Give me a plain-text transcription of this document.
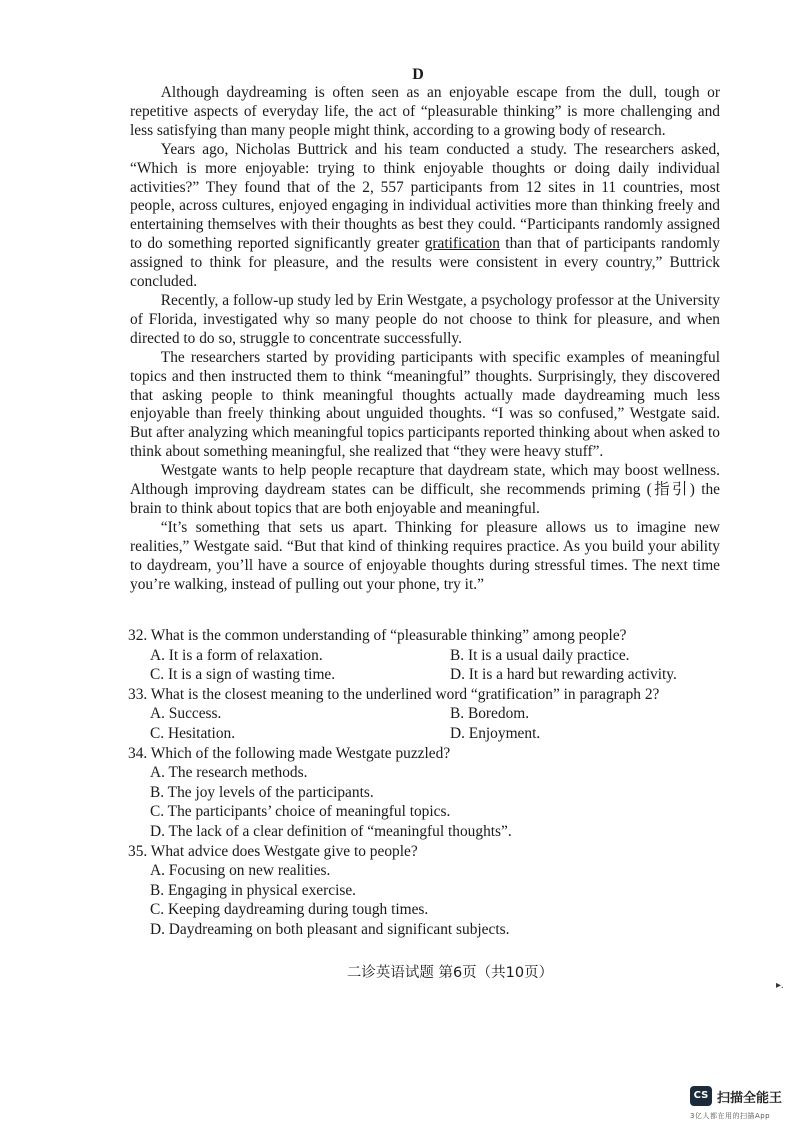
D

Although daydreaming is often seen as an enjoyable escape from the dull, tough or repetitive aspects of everyday life, the act of “pleasurable thinking” is more challenging and less satisfying than many people might think, according to a growing body of research.

Years ago, Nicholas Buttrick and his team conducted a study. The researchers asked, “Which is more enjoyable: trying to think enjoyable thoughts or doing daily individual activities?” They found that of the 2, 557 participants from 12 sites in 11 countries, most people, across cultures, enjoyed engaging in individual activities more than thinking freely and entertaining themselves with their thoughts as best they could. “Participants randomly assigned to do something reported significantly greater gratification than that of participants randomly assigned to think for pleasure, and the results were consistent in every country,” Buttrick concluded.

Recently, a follow-up study led by Erin Westgate, a psychology professor at the University of Florida, investigated why so many people do not choose to think for pleasure, and when directed to do so, struggle to concentrate successfully.

The researchers started by providing participants with specific examples of meaningful topics and then instructed them to think “meaningful” thoughts. Surprisingly, they discovered that asking people to think meaningful thoughts actually made daydreaming much less enjoyable than freely thinking about unguided thoughts. “I was so confused,” Westgate said. But after analyzing which meaningful topics participants reported thinking about when asked to think about something meaningful, she realized that “they were heavy stuff”.

Westgate wants to help people recapture that daydream state, which may boost wellness. Although improving daydream states can be difficult, she recommends priming (指引) the brain to think about topics that are both enjoyable and meaningful.

“It’s something that sets us apart. Thinking for pleasure allows us to imagine new realities,” Westgate said. “But that kind of thinking requires practice. As you build your ability to daydream, you’ll have a source of enjoyable thoughts during stressful times. The next time you’re walking, instead of pulling out your phone, try it.”

32. What is the common understanding of “pleasurable thinking” among people?
A. It is a form of relaxation.	B. It is a usual daily practice.
C. It is a sign of wasting time.	D. It is a hard but rewarding activity.
33. What is the closest meaning to the underlined word “gratification” in paragraph 2?
A. Success.	B. Boredom.
C. Hesitation.	D. Enjoyment.
34. Which of the following made Westgate puzzled?
A. The research methods.
B. The joy levels of the participants.
C. The participants’ choice of meaningful topics.
D. The lack of a clear definition of “meaningful thoughts”.
35. What advice does Westgate give to people?
A. Focusing on new realities.
B. Engaging in physical exercise.
C. Keeping daydreaming during tough times.
D. Daydreaming on both pleasant and significant subjects.
二诊英语试题 第6页（共10页）
▸.
CS 扫描全能王
3亿人都在用的扫描App
